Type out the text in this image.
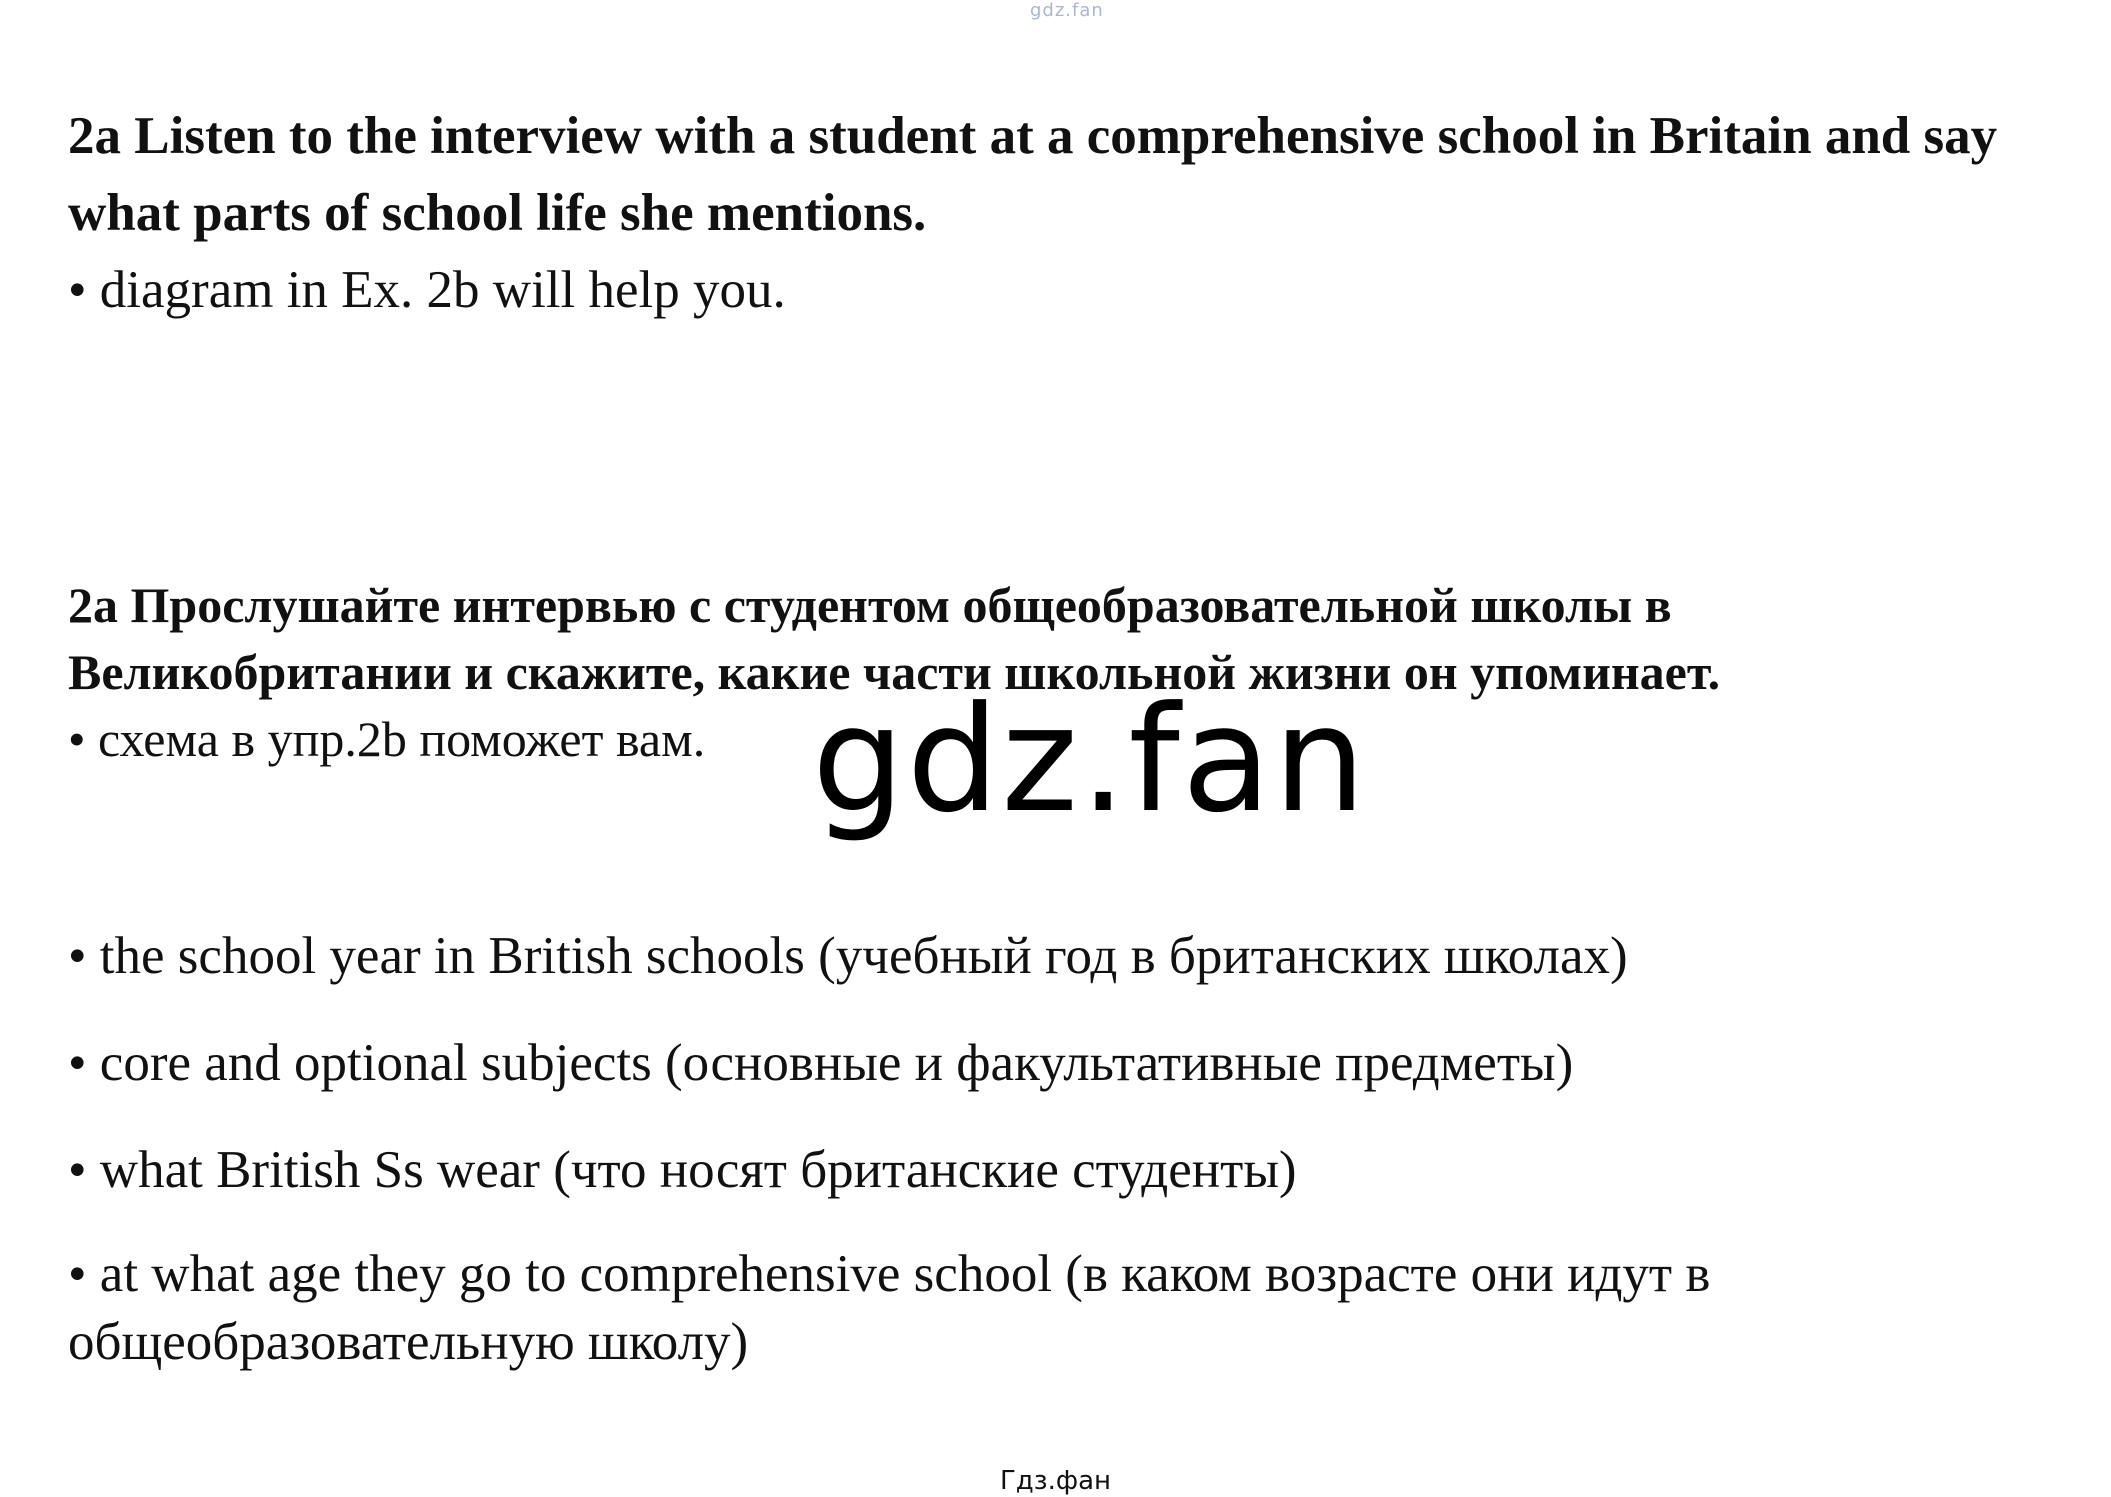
gdz.fan

2a Listen to the interview with a student at a comprehensive school in Britain and say what parts of school life she mentions.

• diagram in Ex. 2b will help you.

2a Прослушайте интервью с студентом общеобразовательной школы в Великобритании и скажите, какие части школьной жизни он упоминает.

• схема в упр.2b поможет вам. gdz.fan

• the school year in British schools (учебный год в британских школах)

• core and optional subjects (основные и факультативные предметы)

• what British Ss wear (что носят британские студенты)

• at what age they go to comprehensive school (в каком возрасте они идут в общеобразовательную школу)

Гдз.фан
